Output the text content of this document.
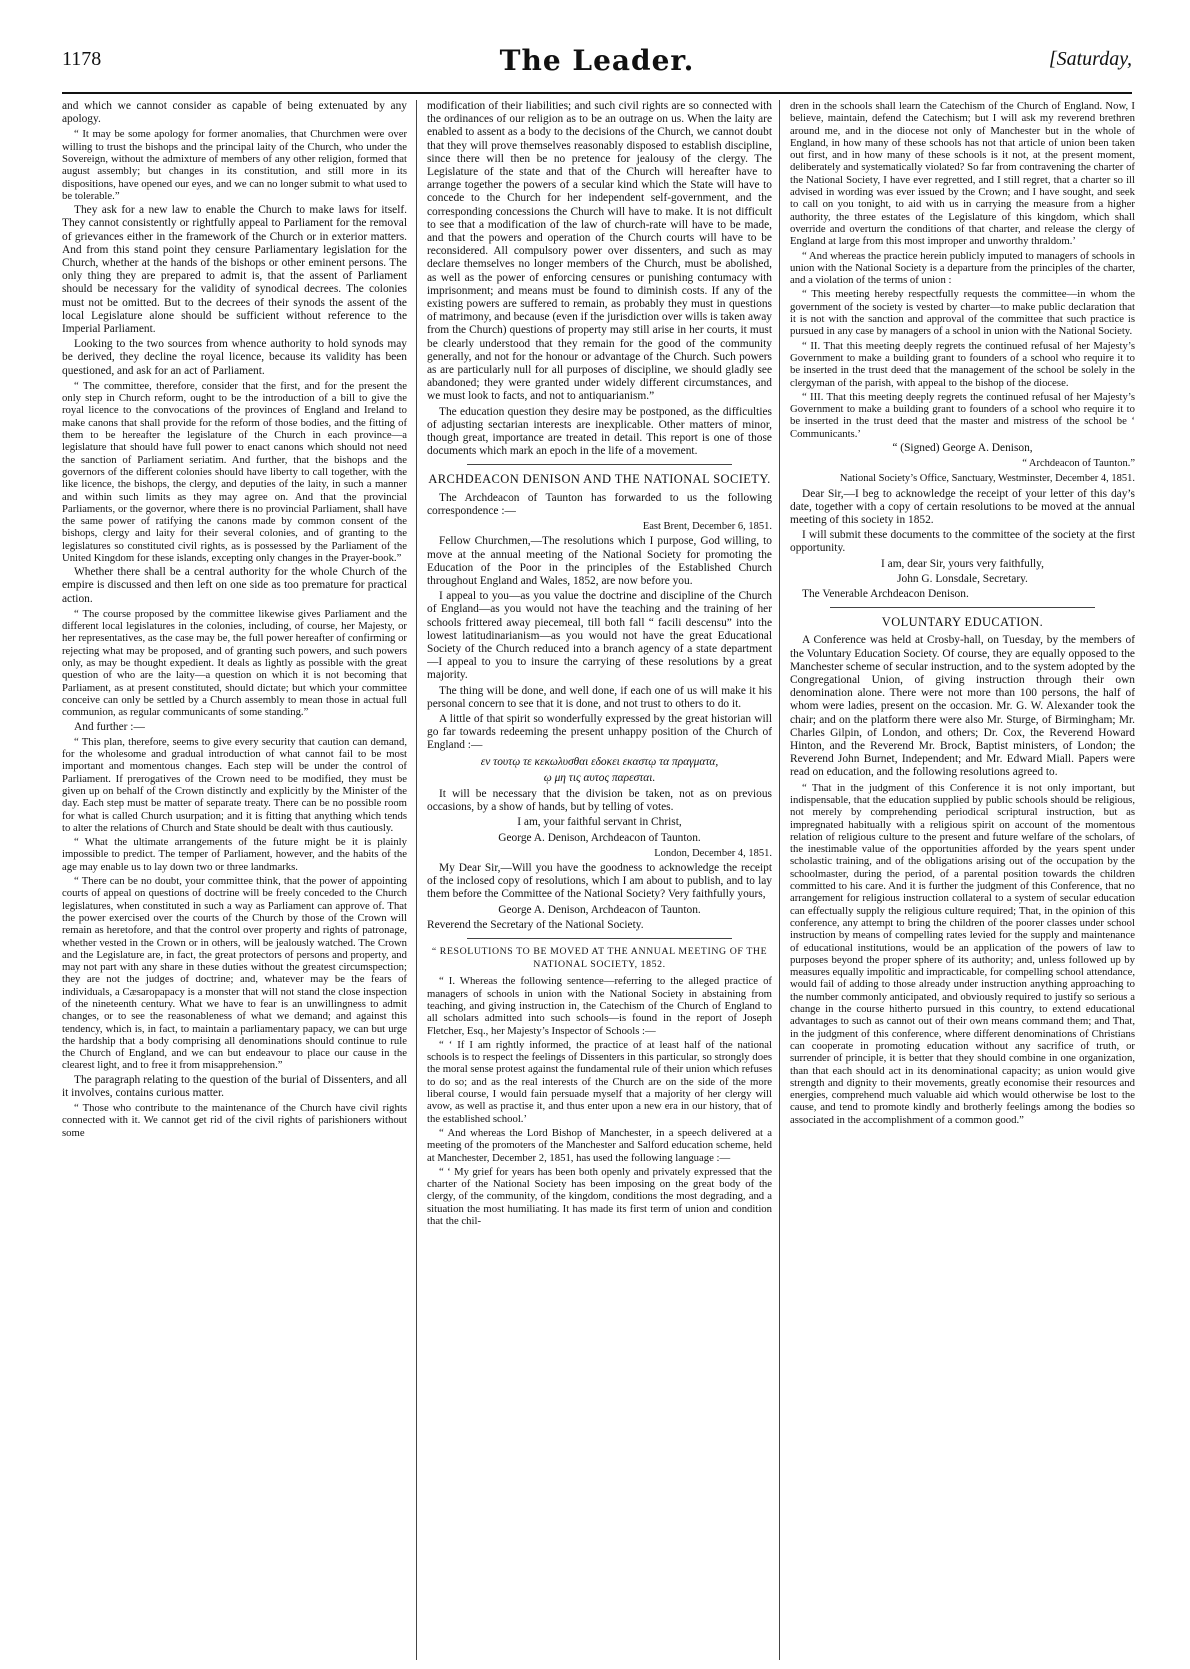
1178	The Leader.	[Saturday,

and which we cannot consider as capable of being extenuated by any apology.

“ It may be some apology for former anomalies, that Churchmen were over willing to trust the bishops and the principal laity of the Church, who under the Sovereign, without the admixture of members of any other religion, formed that august assembly; but changes in its constitution, and still more in its dispositions, have opened our eyes, and we can no longer submit to what used to be tolerable.”

They ask for a new law to enable the Church to make laws for itself. They cannot consistently or rightfully appeal to Parliament for the removal of grievances either in the framework of the Church or in exterior matters. And from this stand point they censure Parliamentary legislation for the Church, whether at the hands of the bishops or other eminent persons. The only thing they are prepared to admit is, that the assent of Parliament should be necessary for the validity of synodical decrees. The colonies must not be omitted. But to the decrees of their synods the assent of the local Legislature alone should be sufficient without reference to the Imperial Parliament.

Looking to the two sources from whence authority to hold synods may be derived, they decline the royal licence, because its validity has been questioned, and ask for an act of Parliament.

“ The committee, therefore, consider that the first, and for the present the only step in Church reform, ought to be the introduction of a bill to give the royal licence to the convocations of the provinces of England and Ireland to make canons that shall provide for the reform of those bodies, and the fitting of them to be hereafter the legislature of the Church in each province—a legislature that should have full power to enact canons which should not need the sanction of Parliament seriatim. And further, that the bishops and the governors of the different colonies should have liberty to call together, with the like licence, the bishops, the clergy, and deputies of the laity, in such a manner and within such limits as they may agree on. And that the provincial Parliaments, or the governor, where there is no provincial Parliament, shall have the same power of ratifying the canons made by common consent of the bishops, clergy and laity for their several colonies, and of granting to the legislatures so constituted civil rights, as is possessed by the Parliament of the United Kingdom for these islands, excepting only changes in the Prayer-book.”

Whether there shall be a central authority for the whole Church of the empire is discussed and then left on one side as too premature for practical action.

“ The course proposed by the committee likewise gives Parliament and the different local legislatures in the colonies, including, of course, her Majesty, or her representatives, as the case may be, the full power hereafter of confirming or rejecting what may be proposed, and of granting such powers, and such powers only, as may be thought expedient. It deals as lightly as possible with the great question of who are the laity—a question on which it is not becoming that Parliament, as at present constituted, should dictate; but which your committee conceive can only be settled by a Church assembly to mean those in actual full communion, as regular communicants of some standing.”

And further :—

“ This plan, therefore, seems to give every security that caution can demand, for the wholesome and gradual introduction of what cannot fail to be most important and momentous changes. Each step will be under the control of Parliament. If prerogatives of the Crown need to be modified, they must be given up on behalf of the Crown distinctly and explicitly by the Minister of the day. Each step must be matter of separate treaty. There can be no possible room for what is called Church usurpation; and it is fitting that anything which tends to alter the relations of Church and State should be dealt with thus cautiously.

“ What the ultimate arrangements of the future might be it is plainly impossible to predict. The temper of Parliament, however, and the habits of the age may enable us to lay down two or three landmarks.

“ There can be no doubt, your committee think, that the power of appointing courts of appeal on questions of doctrine will be freely conceded to the Church legislatures, when constituted in such a way as Parliament can approve of. That the power exercised over the courts of the Church by those of the Crown will remain as heretofore, and that the control over property and rights of patronage, whether vested in the Crown or in others, will be jealously watched. The Crown and the Legislature are, in fact, the great protectors of persons and property, and may not part with any share in these duties without the greatest circumspection; they are not the judges of doctrine; and, whatever may be the fears of individuals, a Cæsaropapacy is a monster that will not stand the close inspection of the nineteenth century. What we have to fear is an unwillingness to admit changes, or to see the reasonableness of what we demand; and against this tendency, which is, in fact, to maintain a parliamentary papacy, we can but urge the hardship that a body comprising all denominations should continue to rule the Church of England, and we can but endeavour to place our cause in the clearest light, and to free it from misapprehension.”

The paragraph relating to the question of the burial of Dissenters, and all it involves, contains curious matter.

“ Those who contribute to the maintenance of the Church have civil rights connected with it. We cannot get rid of the civil rights of parishioners without some

modification of their liabilities; and such civil rights are so connected with the ordinances of our religion as to be an outrage on us. When the laity are enabled to assent as a body to the decisions of the Church, we cannot doubt that they will prove themselves reasonably disposed to establish discipline, since there will then be no pretence for jealousy of the clergy. The Legislature of the state and that of the Church will hereafter have to arrange together the powers of a secular kind which the State will have to concede to the Church for her independent self-government, and the corresponding concessions the Church will have to make. It is not difficult to see that a modification of the law of church-rate will have to be made, and that the powers and operation of the Church courts will have to be reconsidered. All compulsory power over dissenters, and such as may declare themselves no longer members of the Church, must be abolished, as well as the power of enforcing censures or punishing contumacy with imprisonment; and means must be found to diminish costs. If any of the existing powers are suffered to remain, as probably they must in questions of matrimony, and because (even if the jurisdiction over wills is taken away from the Church) questions of property may still arise in her courts, it must be clearly understood that they remain for the good of the community generally, and not for the honour or advantage of the Church. Such powers as are particularly null for all purposes of discipline, we should gladly see abandoned; they were granted under widely different circumstances, and we must look to facts, and not to antiquarianism.”

The education question they desire may be postponed, as the difficulties of adjusting sectarian interests are inexplicable. Other matters of minor, though great, importance are treated in detail. This report is one of those documents which mark an epoch in the life of a movement.

ARCHDEACON DENISON AND THE NATIONAL SOCIETY.

The Archdeacon of Taunton has forwarded to us the following correspondence :—

East Brent, December 6, 1851.

Fellow Churchmen,—The resolutions which I purpose, God willing, to move at the annual meeting of the National Society for promoting the Education of the Poor in the principles of the Established Church throughout England and Wales, 1852, are now before you.

I appeal to you—as you value the doctrine and discipline of the Church of England—as you would not have the teaching and the training of her schools frittered away piecemeal, till both fall “ facili descensu” into the lowest latitudinarianism—as you would not have the great Educational Society of the Church reduced into a branch agency of a state department—I appeal to you to insure the carrying of these resolutions by a great majority.

The thing will be done, and well done, if each one of us will make it his personal concern to see that it is done, and not trust to others to do it.

A little of that spirit so wonderfully expressed by the great historian will go far towards redeeming the present unhappy position of the Church of England :—

εν τουτῳ τε κεκωλυσθαι εδοκει εκαστῳ τα πραγματα,
ῳ μη τις αυτος παρεσται.

It will be necessary that the division be taken, not as on previous occasions, by a show of hands, but by telling of votes.

I am, your faithful servant in Christ,
George A. Denison, Archdeacon of Taunton.
London, December 4, 1851.

My Dear Sir,—Will you have the goodness to acknowledge the receipt of the inclosed copy of resolutions, which I am about to publish, and to lay them before the Committee of the National Society? Very faithfully yours,

George A. Denison, Archdeacon of Taunton.
Reverend the Secretary of the National Society.
“ RESOLUTIONS TO BE MOVED AT THE ANNUAL MEETING OF THE NATIONAL SOCIETY, 1852.

“ I. Whereas the following sentence—referring to the alleged practice of managers of schools in union with the National Society in abstaining from teaching, and giving instruction in, the Catechism of the Church of England to all scholars admitted into such schools—is found in the report of Joseph Fletcher, Esq., her Majesty’s Inspector of Schools :—

“ ‘ If I am rightly informed, the practice of at least half of the national schools is to respect the feelings of Dissenters in this particular, so strongly does the moral sense protest against the fundamental rule of their union which refuses to do so; and as the real interests of the Church are on the side of the more liberal course, I would fain persuade myself that a majority of her clergy will avow, as well as practise it, and thus enter upon a new era in our history, that of the established school.’

“ And whereas the Lord Bishop of Manchester, in a speech delivered at a meeting of the promoters of the Manchester and Salford education scheme, held at Manchester, December 2, 1851, has used the following language :—

“ ‘ My grief for years has been both openly and privately expressed that the charter of the National Society has been imposing on the great body of the clergy, of the community, of the kingdom, conditions the most degrading, and a situation the most humiliating. It has made its first term of union and condition that the chil-

dren in the schools shall learn the Catechism of the Church of England. Now, I believe, maintain, defend the Catechism; but I will ask my reverend brethren around me, and in the diocese not only of Manchester but in the whole of England, in how many of these schools has not that article of union been taken out first, and in how many of these schools is it not, at the present moment, deliberately and systematically violated? So far from contravening the charter of the National Society, I have ever regretted, and I still regret, that a charter so ill advised in wording was ever issued by the Crown; and I have sought, and seek to call on you tonight, to aid with us in carrying the measure from a higher authority, the three estates of the Legislature of this kingdom, which shall override and overturn the conditions of that charter, and release the clergy of England at large from this most improper and unworthy thraldom.’

“ And whereas the practice herein publicly imputed to managers of schools in union with the National Society is a departure from the principles of the charter, and a violation of the terms of union :

“ This meeting hereby respectfully requests the committee—in whom the government of the society is vested by charter—to make public declaration that it is not with the sanction and approval of the committee that such practice is pursued in any case by managers of a school in union with the National Society.

“ II. That this meeting deeply regrets the continued refusal of her Majesty’s Government to make a building grant to founders of a school who require it to be inserted in the trust deed that the management of the school be solely in the clergyman of the parish, with appeal to the bishop of the diocese.

“ III. That this meeting deeply regrets the continued refusal of her Majesty’s Government to make a building grant to founders of a school who require it to be inserted in the trust deed that the master and mistress of the school be ‘ Communicants.’

“ (Signed) George A. Denison,
“ Archdeacon of Taunton.”
National Society’s Office, Sanctuary, Westminster, December 4, 1851.

Dear Sir,—I beg to acknowledge the receipt of your letter of this day’s date, together with a copy of certain resolutions to be moved at the annual meeting of this society in 1852.

I will submit these documents to the committee of the society at the first opportunity.

I am, dear Sir, yours very faithfully,
John G. Lonsdale, Secretary.
The Venerable Archdeacon Denison.
VOLUNTARY EDUCATION.

A Conference was held at Crosby-hall, on Tuesday, by the members of the Voluntary Education Society. Of course, they are equally opposed to the Manchester scheme of secular instruction, and to the system adopted by the Congregational Union, of giving instruction through their own denomination alone. There were not more than 100 persons, the half of whom were ladies, present on the occasion. Mr. G. W. Alexander took the chair; and on the platform there were also Mr. Sturge, of Birmingham; Mr. Charles Gilpin, of London, and others; Dr. Cox, the Reverend Howard Hinton, and the Reverend Mr. Brock, Baptist ministers, of London; the Reverend John Burnet, Independent; and Mr. Edward Miall. Papers were read on education, and the following resolutions agreed to.

“ That in the judgment of this Conference it is not only important, but indispensable, that the education supplied by public schools should be religious, not merely by comprehending periodical scriptural instruction, but as impregnated habitually with a religious spirit on account of the momentous relation of religious culture to the present and future welfare of the scholars, of the inestimable value of the opportunities afforded by the years spent under scholastic training, and of the obligations arising out of the occupation by the schoolmaster, during the period, of a parental position towards the children committed to his care. And it is further the judgment of this Conference, that no arrangement for religious instruction collateral to a system of secular education can effectually supply the religious culture required; That, in the opinion of this conference, any attempt to bring the children of the poorer classes under school instruction by means of compelling rates levied for the supply and maintenance of educational institutions, would be an application of the powers of law to purposes beyond the proper sphere of its authority; and, unless followed up by measures equally impolitic and impracticable, for compelling school attendance, would fail of adding to those already under instruction anything approaching to the number commonly anticipated, and obviously required to justify so serious a change in the course hitherto pursued in this country, to extend educational advantages to such as cannot out of their own means command them; and That, in the judgment of this conference, where different denominations of Christians can cooperate in promoting education without any sacrifice of truth, or surrender of principle, it is better that they should combine in one organization, than that each should act in its denominational capacity; as union would give strength and dignity to their movements, greatly economise their resources and energies, comprehend much valuable aid which would otherwise be lost to the cause, and tend to promote kindly and brotherly feelings among the bodies so associated in the accomplishment of a common good.”
